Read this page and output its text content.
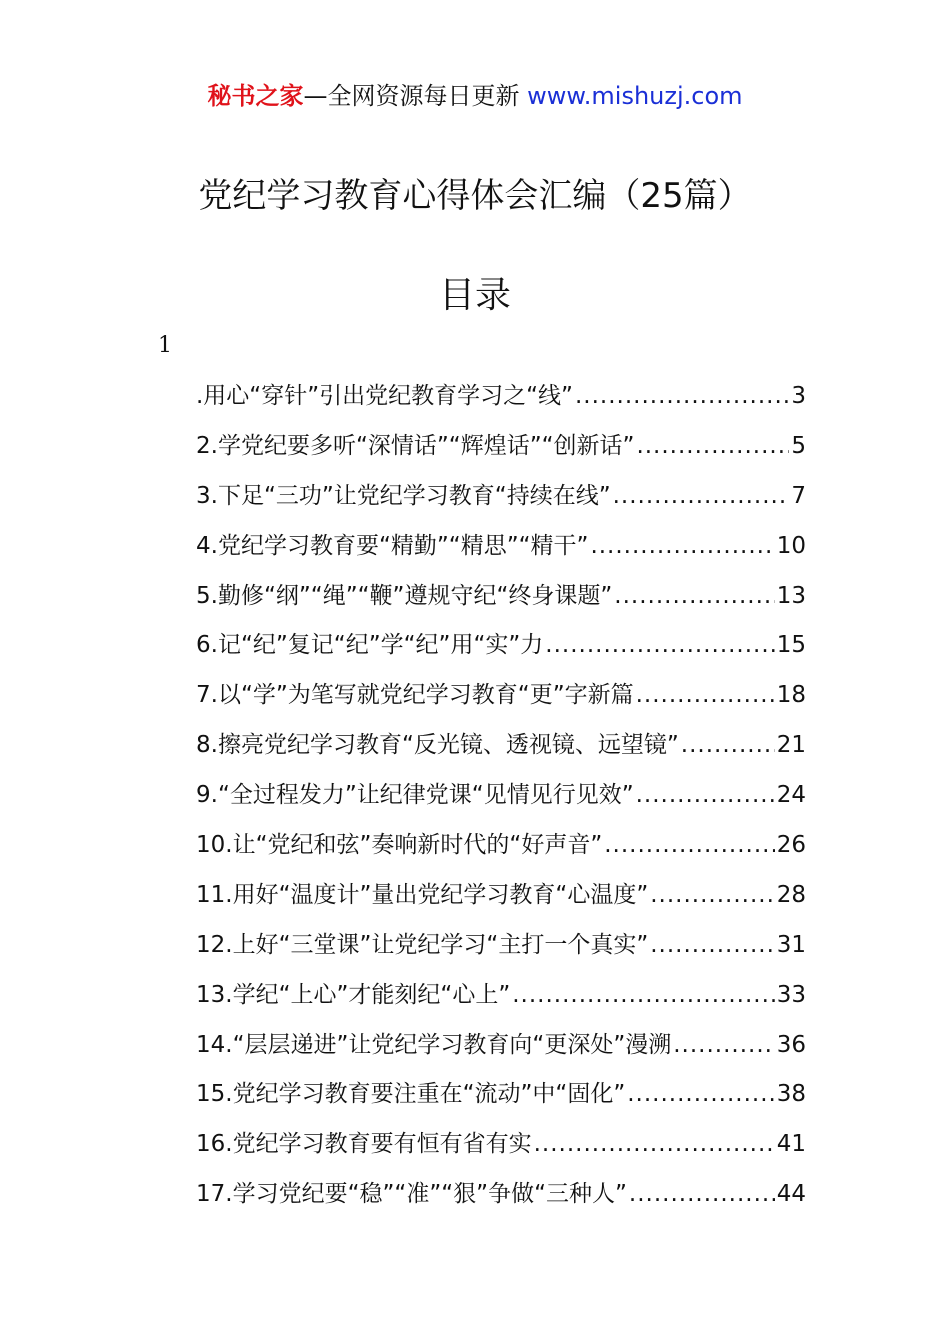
秘书之家—全网资源每日更新 www.mishuzj.com
党纪学习教育心得体会汇编（25篇）
目录
1
.用心“穿针”引出党纪教育学习之“线” .....	3
2.学党纪要多听“深情话”“辉煌话”“创新话” .....	5
3.下足“三功”让党纪学习教育“持续在线” .....	7
4.党纪学习教育要“精勤”“精思”“精干” .....	10
5.勤修“纲”“绳”“鞭”遵规守纪“终身课题” .....	13
6.记“纪”复记“纪”学“纪”用“实”力 .....	15
7.以“学”为笔写就党纪学习教育“更”字新篇 .....	18
8.擦亮党纪学习教育“反光镜、透视镜、远望镜” .....	21
9.“全过程发力”让纪律党课“见情见行见效” .....	24
10.让“党纪和弦”奏响新时代的“好声音” .....	26
11.用好“温度计”量出党纪学习教育“心温度” .....	28
12.上好“三堂课”让党纪学习“主打一个真实” .....	31
13.学纪“上心”才能刻纪“心上” .....	33
14.“层层递进”让党纪学习教育向“更深处”漫溯 .....	36
15.党纪学习教育要注重在“流动”中“固化” .....	38
16.党纪学习教育要有恒有省有实 .....	41
17.学习党纪要“稳”“准”“狠”争做“三种人” .....	44
